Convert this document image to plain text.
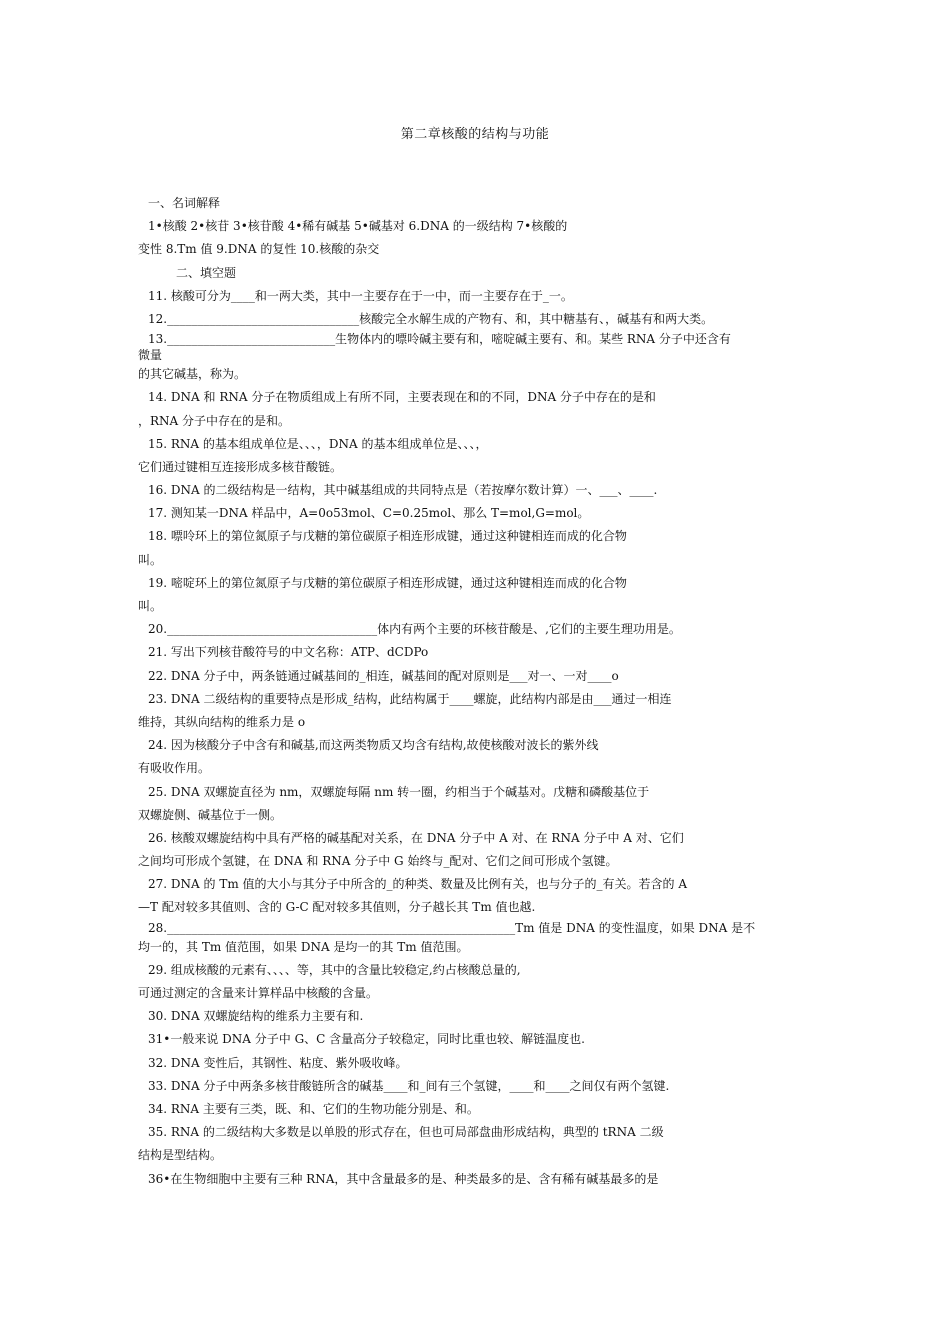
第二章核酸的结构与功能
一、名词解释
1•核酸 2•核苷 3•核苷酸 4•稀有碱基 5•碱基对 6.DNA 的一级结构 7•核酸的
变性 8.Tm 值 9.DNA 的复性 10.核酸的杂交
二、填空题
11. 核酸可分为____和一两大类，其中一主要存在于一中，而一主要存在于_一。
12.________________________________核酸完全水解生成的产物有、和，其中糖基有、，碱基有和两大类。
13.____________________________生物体内的嘌呤碱主要有和，嘧啶碱主要有、和。某些 RNA 分子中还含有
微量
的其它碱基，称为。
14. DNA 和 RNA 分子在物质组成上有所不同，主要表现在和的不同，DNA 分子中存在的是和
，RNA 分子中存在的是和。
15. RNA 的基本组成单位是、、、，DNA 的基本组成单位是、、、，
它们通过键相互连接形成多核苷酸链。
16. DNA 的二级结构是一结构，其中碱基组成的共同特点是（若按摩尔数计算）一、___、____.
17. 测知某一DNA 样品中，A=0o53mol、C=0.25mol、那么 T=mol,G=mol。
18. 嘌呤环上的第位氮原子与戊糖的第位碳原子相连形成键，通过这种键相连而成的化合物
叫。
19. 嘧啶环上的第位氮原子与戊糖的第位碳原子相连形成键，通过这种键相连而成的化合物
叫。
20.___________________________________体内有两个主要的环核苷酸是、,它们的主要生理功用是。
21. 写出下列核苷酸符号的中文名称：ATP、dCDPo
22. DNA 分子中，两条链通过碱基间的_相连，碱基间的配对原则是___对一、一对____o
23. DNA 二级结构的重要特点是形成_结构，此结构属于____螺旋，此结构内部是由___通过一相连
维持，其纵向结构的维系力是 o
24. 因为核酸分子中含有和碱基,而这两类物质又均含有结构,故使核酸对波长的紫外线
有吸收作用。
25. DNA 双螺旋直径为 nm，双螺旋每隔 nm 转一圈，约相当于个碱基对。戊糖和磷酸基位于
双螺旋侧、碱基位于一侧。
26. 核酸双螺旋结构中具有严格的碱基配对关系，在 DNA 分子中 A 对、在 RNA 分子中 A 对、它们
之间均可形成个氢键，在 DNA 和 RNA 分子中 G 始终与_配对、它们之间可形成个氢键。
27. DNA 的 Tm 值的大小与其分子中所含的_的种类、数量及比例有关，也与分子的_有关。若含的 A
—T 配对较多其值则、含的 G-C 配对较多其值则，分子越长其 Tm 值也越.
28.__________________________________________________________Tm 值是 DNA 的变性温度，如果 DNA 是不
均一的，其 Tm 值范围，如果 DNA 是均一的其 Tm 值范围。
29. 组成核酸的元素有、、、、等，其中的含量比较稳定,约占核酸总量的,
可通过测定的含量来计算样品中核酸的含量。
30. DNA 双螺旋结构的维系力主要有和.
31•一般来说 DNA 分子中 G、C 含量高分子较稳定，同时比重也较、解链温度也.
32. DNA 变性后，其钢性、粘度、紫外吸收峰。
33. DNA 分子中两条多核苷酸链所含的碱基____和_间有三个氢键，____和____之间仅有两个氢键.
34. RNA 主要有三类，既、和、它们的生物功能分别是、和。
35. RNA 的二级结构大多数是以单股的形式存在，但也可局部盘曲形成结构，典型的 tRNA 二级
结构是型结构。
36•在生物细胞中主要有三种 RNA，其中含量最多的是、种类最多的是、含有稀有碱基最多的是
